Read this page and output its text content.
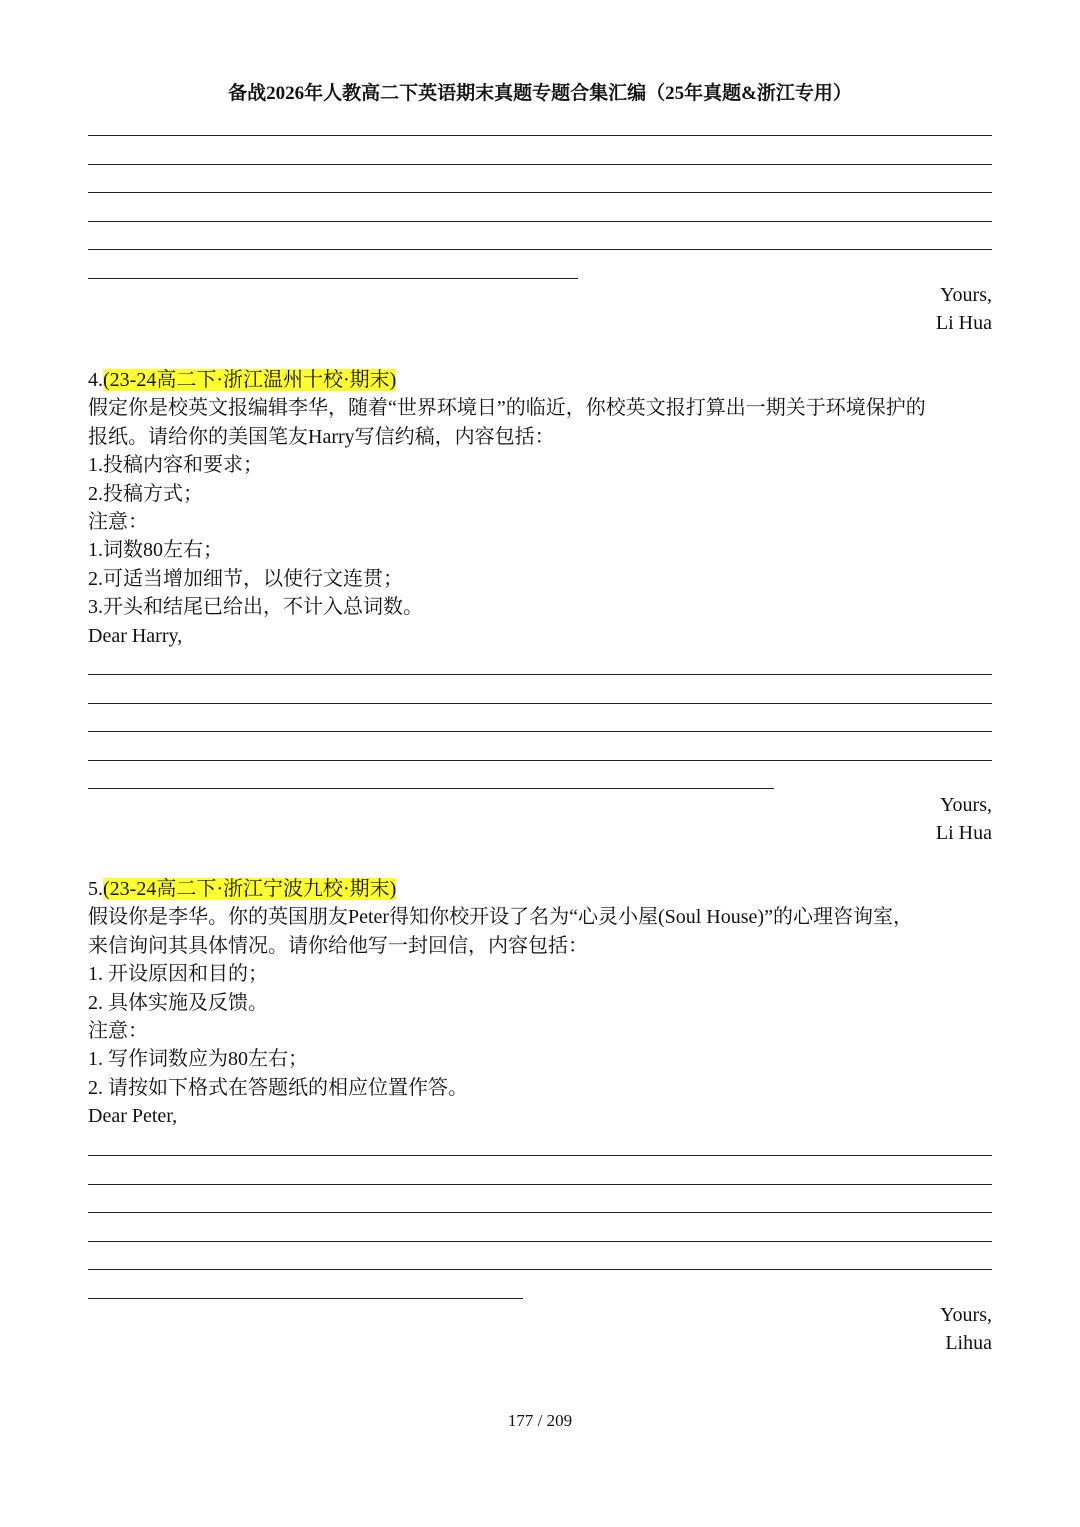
备战2026年人教高二下英语期末真题专题合集汇编（25年真题&浙江专用）
Yours,
Li Hua
4.(23-24高二下·浙江温州十校·期末)
假定你是校英文报编辑李华，随着“世界环境日”的临近，你校英文报打算出一期关于环境保护的
报纸。请给你的美国笔友Harry写信约稿，内容包括：
1.投稿内容和要求；
2.投稿方式；
注意：
1.词数80左右；
2.可适当增加细节，以使行文连贯；
3.开头和结尾已给出，不计入总词数。
Dear Harry,
Yours,
Li Hua
5.(23-24高二下·浙江宁波九校·期末)
假设你是李华。你的英国朋友Peter得知你校开设了名为“心灵小屋(Soul House)”的心理咨询室，
来信询问其具体情况。请你给他写一封回信，内容包括：
1. 开设原因和目的；
2. 具体实施及反馈。
注意：
1. 写作词数应为80左右；
2. 请按如下格式在答题纸的相应位置作答。
Dear Peter,
Yours,
Lihua
177 / 209
